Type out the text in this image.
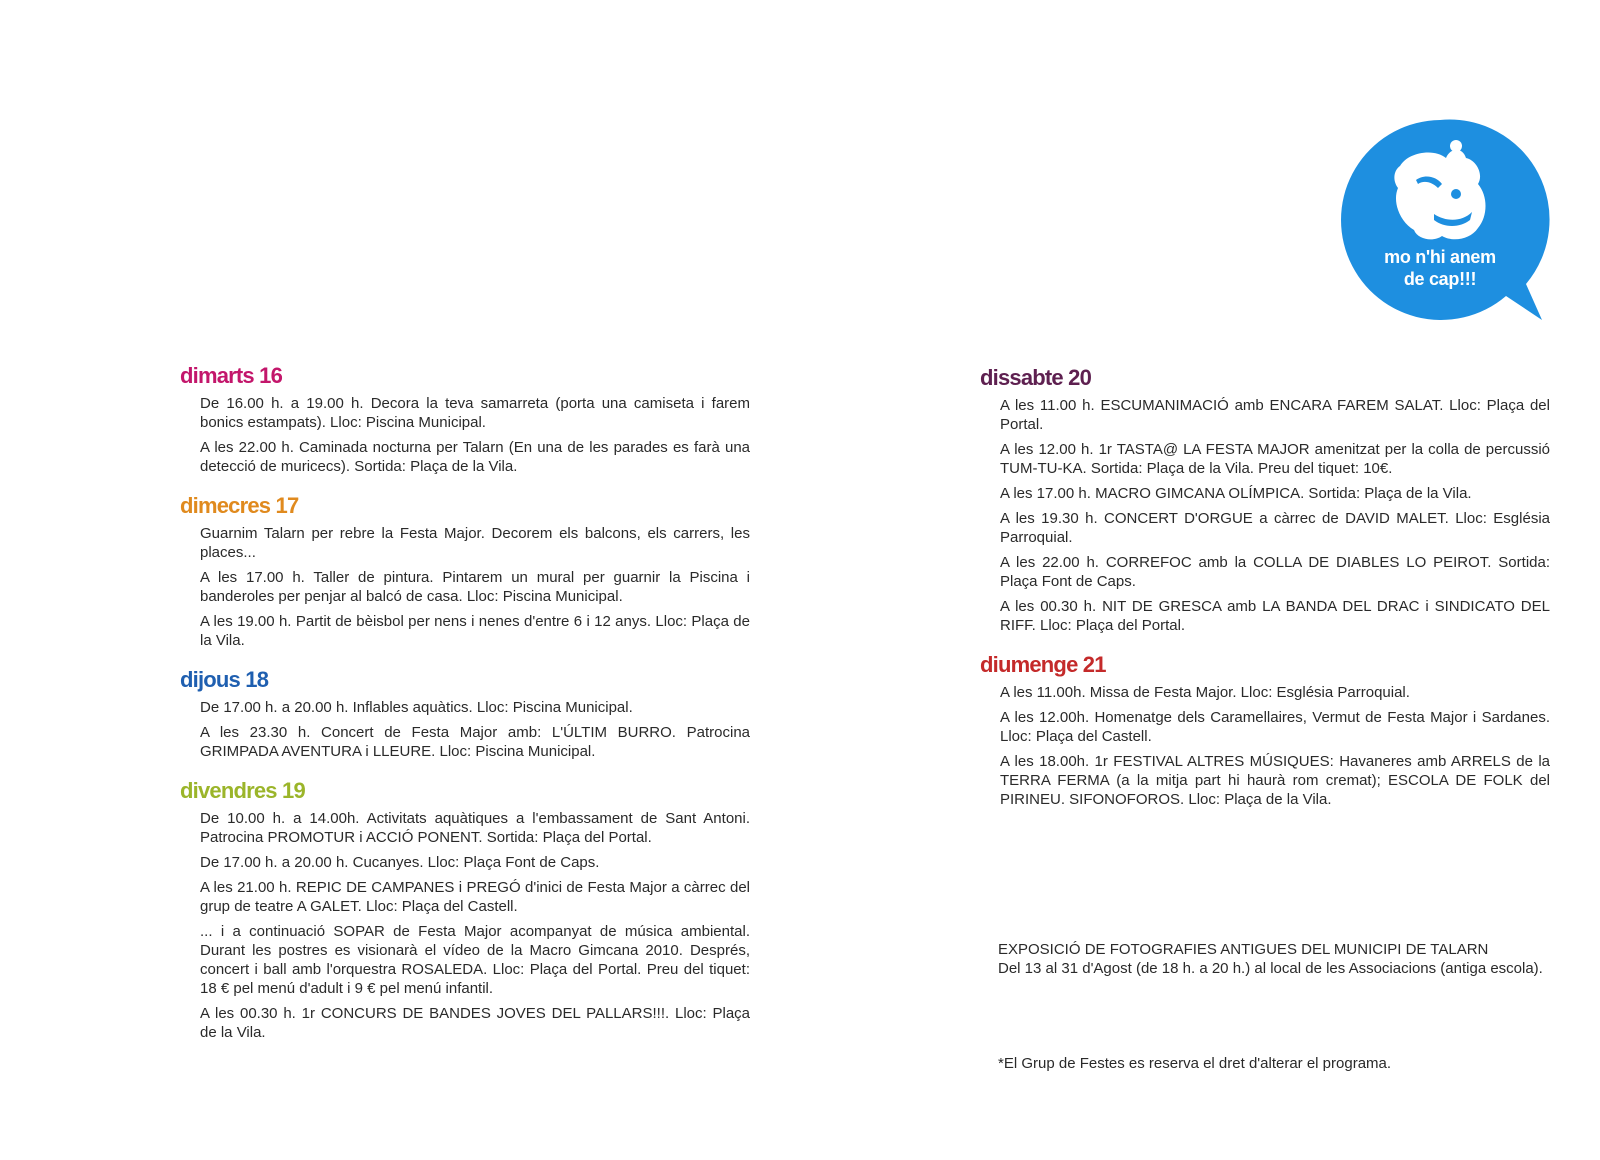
mo n'hi anem
de cap!!!
dimarts 16
De 16.00 h. a 19.00 h. Decora la teva samarreta (porta una camiseta i farem bonics estampats). Lloc: Piscina Municipal.
A les 22.00 h. Caminada nocturna per Talarn (En una de les parades es farà una detecció de muricecs). Sortida: Plaça de la Vila.
dimecres 17
Guarnim Talarn per rebre la Festa Major. Decorem els balcons, els carrers, les places...
A les 17.00 h. Taller de pintura. Pintarem un mural per guarnir la Piscina i banderoles per penjar al balcó de casa. Lloc: Piscina Municipal.
A les 19.00 h. Partit de bèisbol per nens i nenes d'entre 6 i 12 anys. Lloc: Plaça de la Vila.
dijous 18
De 17.00 h. a 20.00 h. Inflables aquàtics. Lloc: Piscina Municipal.
A les 23.30 h. Concert de Festa Major amb: L'ÚLTIM BURRO. Patrocina GRIMPADA AVENTURA i LLEURE. Lloc: Piscina Municipal.
divendres 19
De 10.00 h. a 14.00h. Activitats aquàtiques a l'embassament de Sant Antoni. Patrocina PROMOTUR i ACCIÓ PONENT. Sortida: Plaça del Portal.
De 17.00 h. a 20.00 h. Cucanyes. Lloc: Plaça Font de Caps.
A les 21.00 h. REPIC DE CAMPANES i PREGÓ d'inici de Festa Major a càrrec del grup de teatre A GALET. Lloc: Plaça del Castell.
... i a continuació SOPAR de Festa Major acompanyat de música ambiental. Durant les postres es visionarà el vídeo de la Macro Gimcana 2010. Després, concert i ball amb l'orquestra ROSALEDA. Lloc: Plaça del Portal. Preu del tiquet: 18 € pel menú d'adult i 9 € pel menú infantil.
A les 00.30 h. 1r CONCURS DE BANDES JOVES DEL PALLARS!!!. Lloc: Plaça de la Vila.
dissabte 20
A les 11.00 h. ESCUMANIMACIÓ amb ENCARA FAREM SALAT. Lloc: Plaça del Portal.
A les 12.00 h. 1r TASTA@ LA FESTA MAJOR amenitzat per la colla de percussió TUM-TU-KA. Sortida: Plaça de la Vila. Preu del tiquet: 10€.
A les 17.00 h. MACRO GIMCANA OLÍMPICA. Sortida: Plaça de la Vila.
A les 19.30 h. CONCERT D'ORGUE a càrrec de DAVID MALET. Lloc: Església Parroquial.
A les 22.00 h. CORREFOC amb la COLLA DE DIABLES LO PEIROT. Sortida: Plaça Font de Caps.
A les 00.30 h. NIT DE GRESCA amb LA BANDA DEL DRAC i SINDICATO DEL RIFF. Lloc: Plaça del Portal.
diumenge 21
A les 11.00h. Missa de Festa Major. Lloc: Església Parroquial.
A les 12.00h. Homenatge dels Caramellaires, Vermut de Festa Major i Sardanes. Lloc: Plaça del Castell.
A les 18.00h. 1r FESTIVAL ALTRES MÚSIQUES: Havaneres amb ARRELS de la TERRA FERMA (a la mitja part hi haurà rom cremat); ESCOLA DE FOLK del PIRINEU. SIFONOFOROS. Lloc: Plaça de la Vila.
EXPOSICIÓ DE FOTOGRAFIES ANTIGUES DEL MUNICIPI DE TALARN
Del 13 al 31 d'Agost (de 18 h. a 20 h.) al local de les Associacions (antiga escola).
*El Grup de Festes es reserva el dret d'alterar el programa.
